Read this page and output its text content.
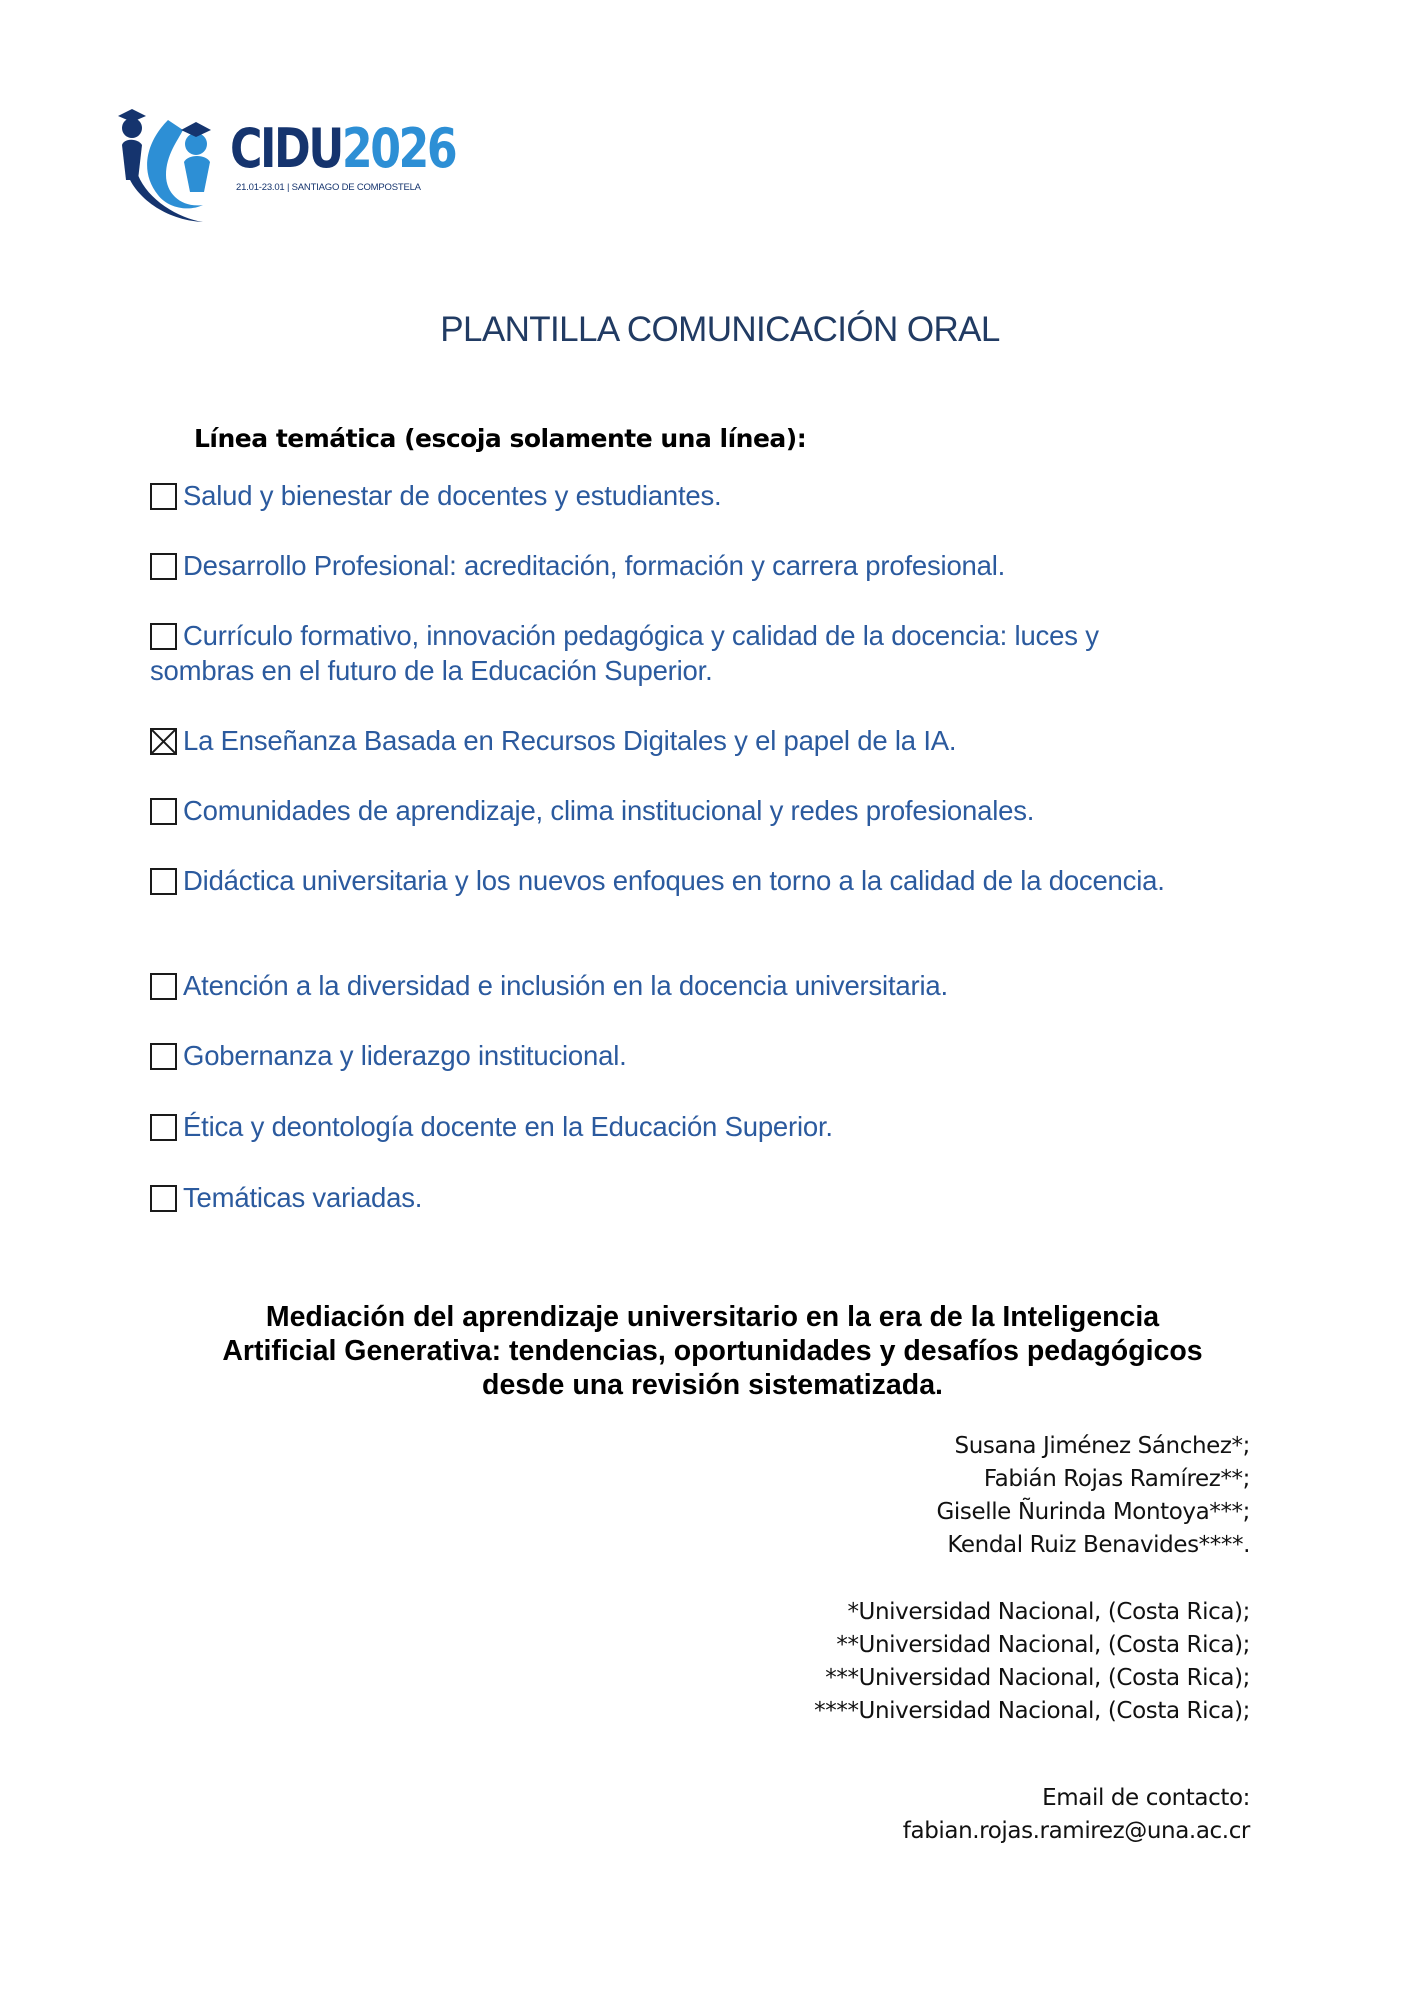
CIDU2026
21.01-23.01 | SANTIAGO DE COMPOSTELA
PLANTILLA COMUNICACIÓN ORAL
Línea temática (escoja solamente una línea):
Salud y bienestar de docentes y estudiantes.
Desarrollo Profesional: acreditación, formación y carrera profesional.
Currículo formativo, innovación pedagógica y calidad de la docencia: luces y sombras en el futuro de la Educación Superior.
La Enseñanza Basada en Recursos Digitales y el papel de la IA.
Comunidades de aprendizaje, clima institucional y redes profesionales.
Didáctica universitaria y los nuevos enfoques en torno a la calidad de la docencia.
Atención a la diversidad e inclusión en la docencia universitaria.
Gobernanza y liderazgo institucional.
Ética y deontología docente en la Educación Superior.
Temáticas variadas.
Mediación del aprendizaje universitario en la era de la Inteligencia
Artificial Generativa: tendencias, oportunidades y desafíos pedagógicos
desde una revisión sistematizada.
Susana Jiménez Sánchez*;
Fabián Rojas Ramírez**;
Giselle Ñurinda Montoya***;
Kendal Ruiz Benavides****.
*Universidad Nacional, (Costa Rica);
**Universidad Nacional, (Costa Rica);
***Universidad Nacional, (Costa Rica);
****Universidad Nacional, (Costa Rica);
Email de contacto:
fabian.rojas.ramirez@una.ac.cr
